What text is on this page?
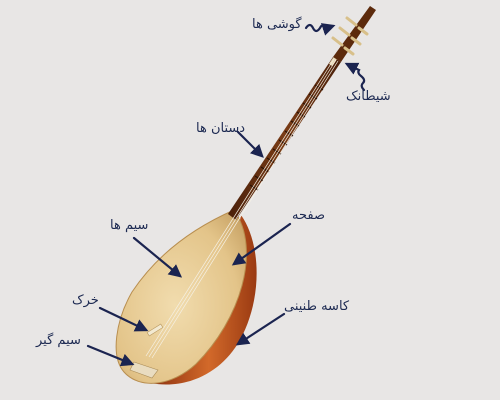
گوشی ها
شیطانک
دستان ها
صفحه
سیم ها
کاسه طنینی
خرک
سیم گیر
